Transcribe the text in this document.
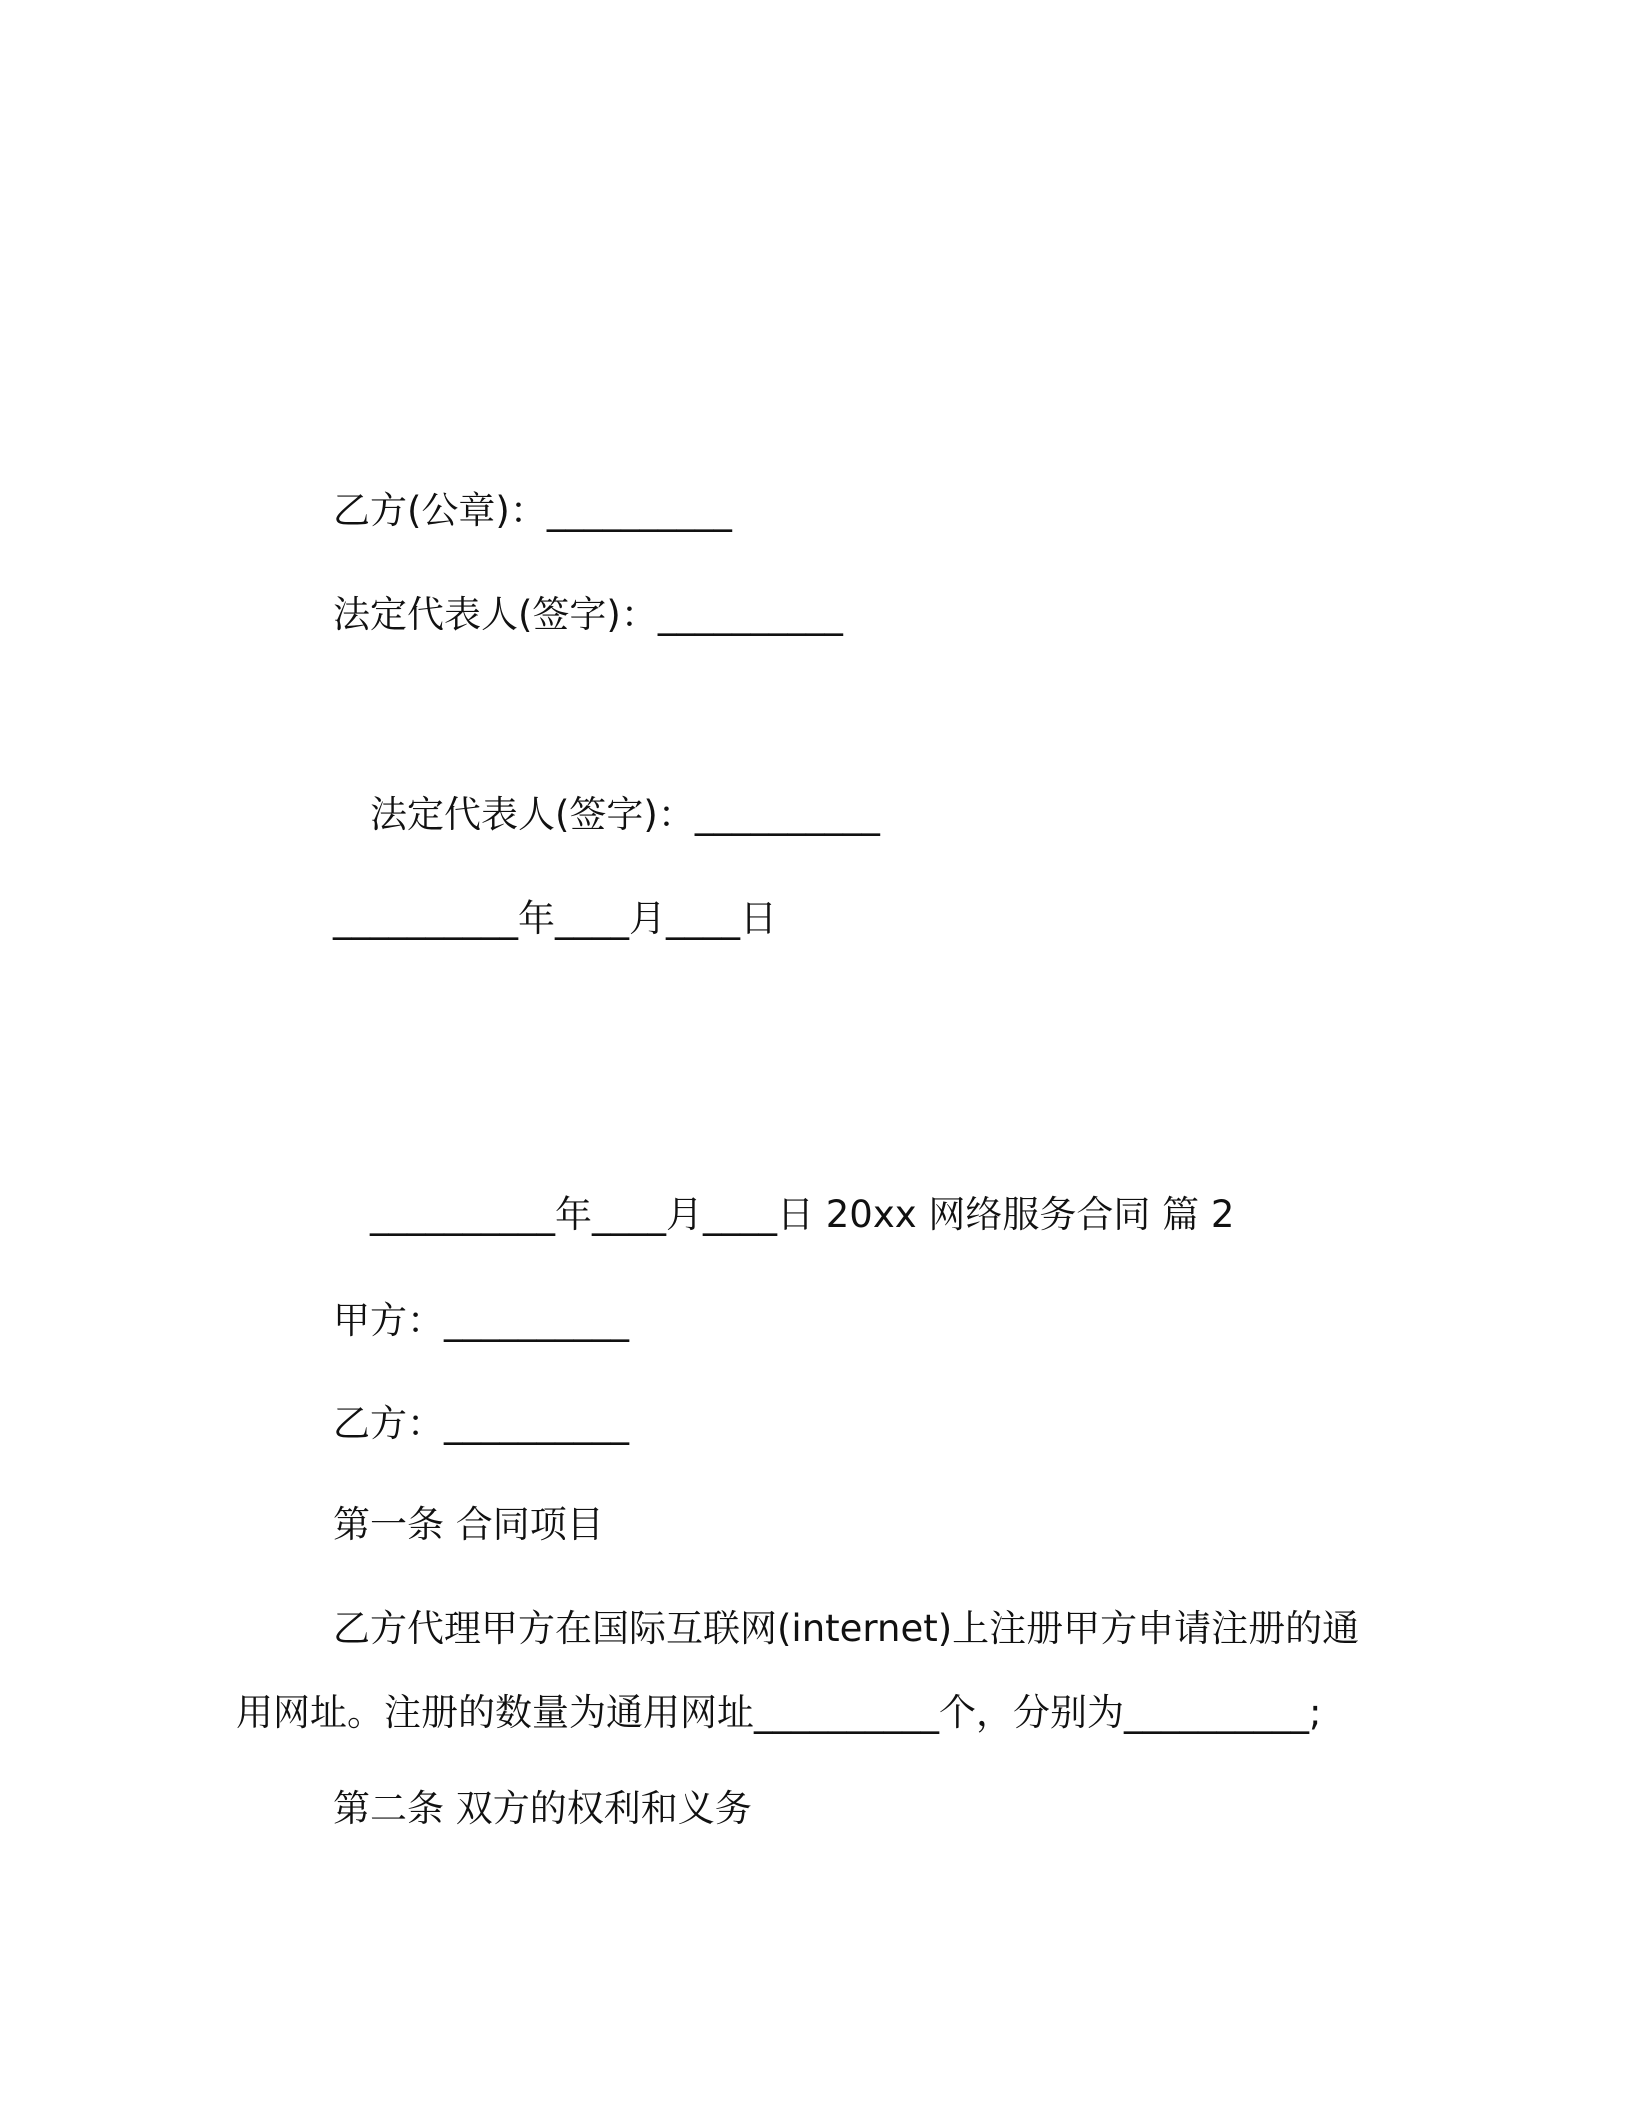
乙方(公章)：__________
法定代表人(签字)：__________
法定代表人(签字)：__________
__________年____月____日
__________年____月____日 20xx 网络服务合同 篇 2
甲方：__________
乙方：__________
第一条 合同项目
乙方代理甲方在国际互联网(internet)上注册甲方申请注册的通
用网址。注册的数量为通用网址__________个，分别为__________;
第二条 双方的权利和义务
